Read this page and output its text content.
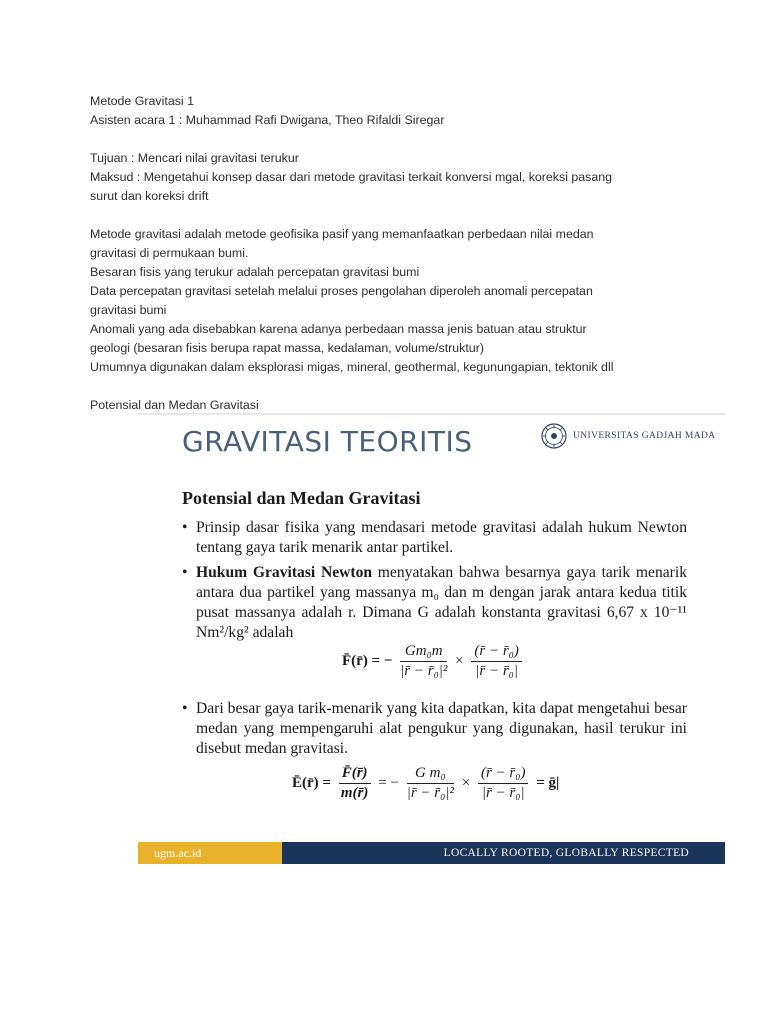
Metode Gravitasi 1

Asisten acara 1 : Muhammad Rafi Dwigana, Theo Rifaldi Siregar

Tujuan : Mencari nilai gravitasi terukur

Maksud : Mengetahui konsep dasar dari metode gravitasi terkait konversi mgal, koreksi pasang

surut dan koreksi drift

Metode gravitasi adalah metode geofisika pasif yang memanfaatkan perbedaan nilai medan

gravitasi di permukaan bumi.

Besaran fisis yang terukur adalah percepatan gravitasi bumi

Data percepatan gravitasi setelah melalui proses pengolahan diperoleh anomali percepatan

gravitasi bumi

Anomali yang ada disebabkan karena adanya perbedaan massa jenis batuan atau struktur

geologi (besaran fisis berupa rapat massa, kedalaman, volume/struktur)

Umumnya digunakan dalam eksplorasi migas, mineral, geothermal, kegunungapian, tektonik dll

Potensial dan Medan Gravitasi

GRAVITASI TEORITIS	UNIVERSITAS GADJAH MADA
Potensial dan Medan Gravitasi
• Prinsip dasar fisika yang mendasari metode gravitasi adalah hukum Newton tentang gaya tarik menarik antar partikel.
• Hukum Gravitasi Newton menyatakan bahwa besarnya gaya tarik menarik antara dua partikel yang massanya m₀ dan m dengan jarak antara kedua titik pusat massanya adalah r. Dimana G adalah konstanta gravitasi 6,67 x 10⁻¹¹ Nm²/kg² adalah
F̄(r̄) = − $\frac{\text{Gm₀m}}{\text{|r̄ − r̄₀|²}} \times \frac{\text{(r̄ − r̄₀)}}{\text{|r̄ − r̄₀|}}$
• Dari besar gaya tarik-menarik yang kita dapatkan, kita dapat mengetahui besar medan yang mempengaruhi alat pengukur yang digunakan, hasil terukur ini disebut medan gravitasi.
Ē(r̄) = $\frac{F̄(r̄)}{m(r̄)}$ = − $\frac{\text{G m₀}}{\text{|r̄ − r̄₀|²}} \times \frac{\text{(r̄ − r̄₀)}}{\text{|r̄ − r̄₀|}}$ = ḡ|
ugm.ac.id	LOCALLY ROOTED, GLOBALLY RESPECTED
